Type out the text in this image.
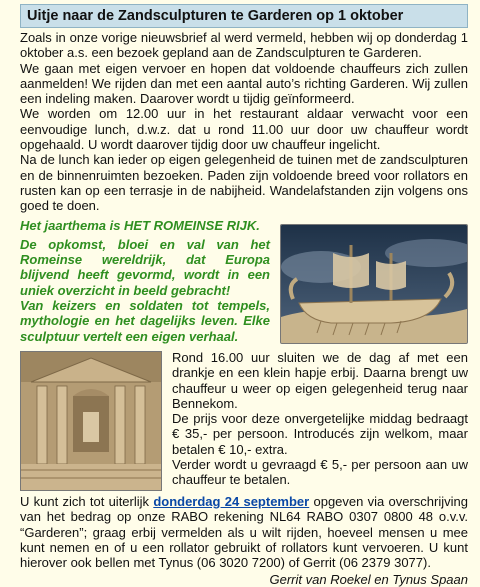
Uitje naar de Zandsculpturen te Garderen op 1 oktober

Zoals in onze vorige nieuwsbrief al werd vermeld, hebben wij op donderdag 1 oktober a.s. een bezoek gepland aan de Zandsculpturen te Garderen.

We gaan met eigen vervoer en hopen dat voldoende chauffeurs zich zullen aanmelden! We rijden dan met een aantal auto’s richting Garderen. Wij zullen een indeling maken. Daarover wordt u tijdig geïnformeerd.

We worden om 12.00 uur in het restaurant aldaar verwacht voor een eenvoudige lunch, d.w.z. dat u rond 11.00 uur door uw chauffeur wordt opgehaald. U wordt daarover tijdig door uw chauffeur ingelicht.

Na de lunch kan ieder op eigen gelegenheid de tuinen met de zandsculpturen en de binnenruimten bezoeken. Paden zijn voldoende breed voor rollators en rusten kan op een terrasje in de nabijheid. Wandelafstanden zijn volgens ons goed te doen.

Het jaarthema is HET ROMEINSE RIJK.

De opkomst, bloei en val van het Romeinse wereldrijk, dat Europa blijvend heeft gevormd, wordt in een uniek overzicht in beeld gebracht!

Van keizers en soldaten tot tempels, mythologie en het dagelijks leven. Elke sculptuur vertelt een eigen verhaal.

Rond 16.00 uur sluiten we de dag af met een drankje en een klein hapje erbij. Daarna brengt uw chauffeur u weer op eigen gelegenheid terug naar Bennekom.

De prijs voor deze onvergetelijke middag bedraagt € 35,- per persoon. Introducés zijn welkom, maar betalen € 10,- extra.

Verder wordt u gevraagd € 5,- per persoon aan uw chauffeur te betalen.

U kunt zich tot uiterlijk donderdag 24 september opgeven via overschrijving van het bedrag op onze RABO rekening NL64 RABO 0307 0800 48 o.v.v. “Garderen”; graag erbij vermelden als u wilt rijden, hoeveel mensen u mee kunt nemen en of u een rollator gebruikt of rollators kunt vervoeren. U kunt hierover ook bellen met Tynus (06 3020 7200) of Gerrit (06 2379 3077).

Gerrit van Roekel en Tynus Spaan
